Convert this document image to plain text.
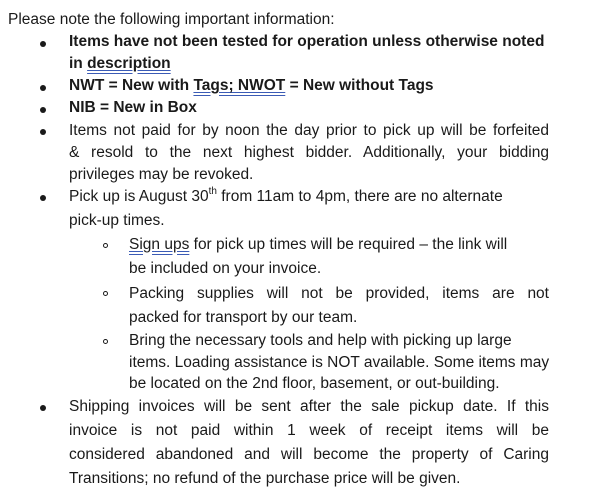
Please note the following important information:
Items have not been tested for operation unless otherwise noted
in description
NWT = New with Tags; NWOT = New without Tags
NIB = New in Box
Items not paid for by noon the day prior to pick up will be forfeited
& resold to the next highest bidder. Additionally, your bidding
privileges may be revoked.
Pick up is August 30th from 11am to 4pm, there are no alternate
pick-up times.
Sign ups for pick up times will be required – the link will
be included on your invoice.
Packing supplies will not be provided, items are not
packed for transport by our team.
Bring the necessary tools and help with picking up large
items. Loading assistance is NOT available. Some items may
be located on the 2nd floor, basement, or out-building.
Shipping invoices will be sent after the sale pickup date. If this
invoice is not paid within 1 week of receipt items will be
considered abandoned and will become the property of Caring
Transitions; no refund of the purchase price will be given.
